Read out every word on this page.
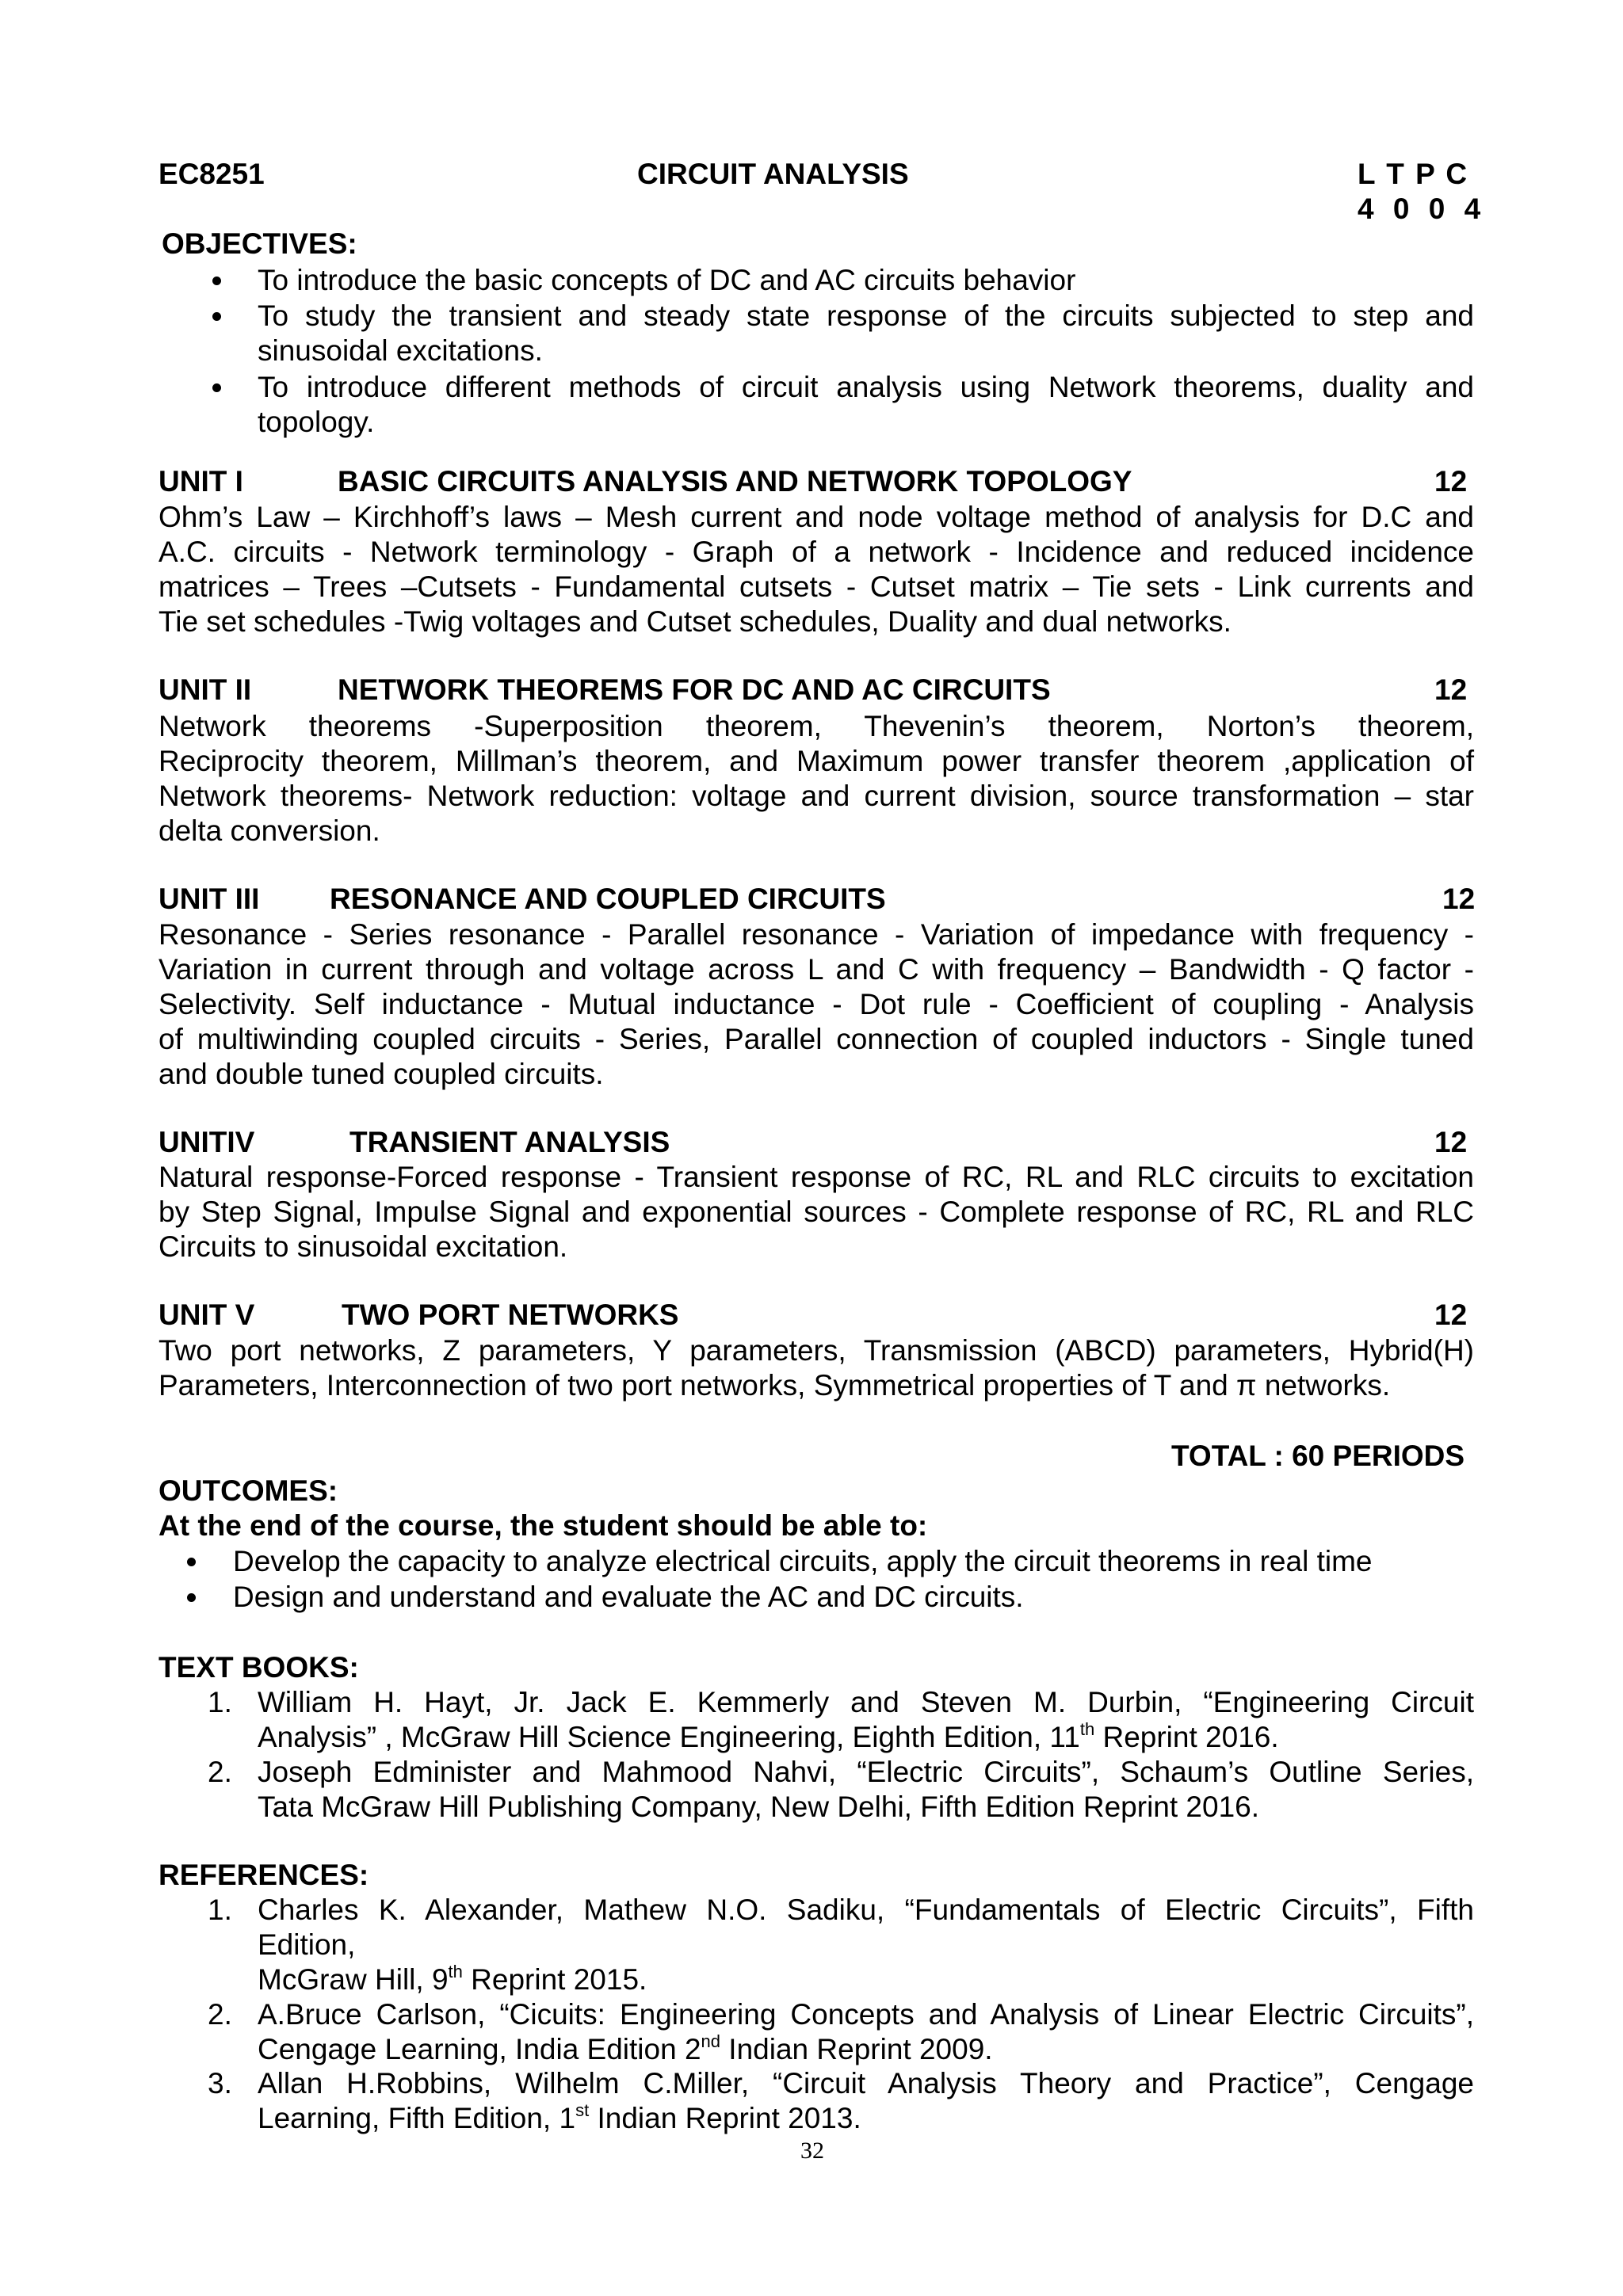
EC8251	CIRCUIT ANALYSIS	L T P C
4 0 0 4
OBJECTIVES:
To introduce the basic concepts of DC and AC circuits behavior
To study the transient and steady state response of the circuits subjected to step and
sinusoidal excitations.
To introduce different methods of circuit analysis using Network theorems, duality and
topology.
UNIT I	BASIC CIRCUITS ANALYSIS AND NETWORK TOPOLOGY	12
Ohm’s Law – Kirchhoff’s laws – Mesh current and node voltage method of analysis for D.C and
A.C. circuits - Network terminology - Graph of a network - Incidence and reduced incidence
matrices – Trees –Cutsets - Fundamental cutsets - Cutset matrix – Tie sets - Link currents and
Tie set schedules -Twig voltages and Cutset schedules, Duality and dual networks.
UNIT II	NETWORK THEOREMS FOR DC AND AC CIRCUITS	12
Network theorems -Superposition theorem, Thevenin’s theorem, Norton’s theorem,
Reciprocity theorem, Millman’s theorem, and Maximum power transfer theorem ,application of
Network theorems- Network reduction: voltage and current division, source transformation – star
delta conversion.
UNIT III RESONANCE AND COUPLED CIRCUITS	12
Resonance - Series resonance - Parallel resonance - Variation of impedance with frequency -
Variation in current through and voltage across L and C with frequency – Bandwidth - Q factor -
Selectivity. Self inductance - Mutual inductance - Dot rule - Coefficient of coupling - Analysis
of multiwinding coupled circuits - Series, Parallel connection of coupled inductors - Single tuned
and double tuned coupled circuits.
UNITIV	TRANSIENT ANALYSIS	12
Natural response-Forced response - Transient response of RC, RL and RLC circuits to excitation
by Step Signal, Impulse Signal and exponential sources - Complete response of RC, RL and RLC
Circuits to sinusoidal excitation.
UNIT V	TWO PORT NETWORKS	12
Two port networks, Z parameters, Y parameters, Transmission (ABCD) parameters, Hybrid(H)
Parameters, Interconnection of two port networks, Symmetrical properties of T and π networks.
TOTAL : 60 PERIODS
OUTCOMES:
At the end of the course, the student should be able to:
Develop the capacity to analyze electrical circuits, apply the circuit theorems in real time
Design and understand and evaluate the AC and DC circuits.
TEXT BOOKS:
1. William H. Hayt, Jr. Jack E. Kemmerly and Steven M. Durbin, “Engineering Circuit
Analysis” , McGraw Hill Science Engineering, Eighth Edition, 11th Reprint 2016.
2. Joseph Edminister and Mahmood Nahvi, “Electric Circuits”, Schaum’s Outline Series,
Tata McGraw Hill Publishing Company, New Delhi, Fifth Edition Reprint 2016.
REFERENCES:
1. Charles K. Alexander, Mathew N.O. Sadiku, “Fundamentals of Electric Circuits”, Fifth
Edition,
McGraw Hill, 9th Reprint 2015.
2. A.Bruce Carlson, “Cicuits: Engineering Concepts and Analysis of Linear Electric Circuits”,
Cengage Learning, India Edition 2nd Indian Reprint 2009.
3. Allan H.Robbins, Wilhelm C.Miller, “Circuit Analysis Theory and Practice”, Cengage
Learning, Fifth Edition, 1st Indian Reprint 2013.
32
